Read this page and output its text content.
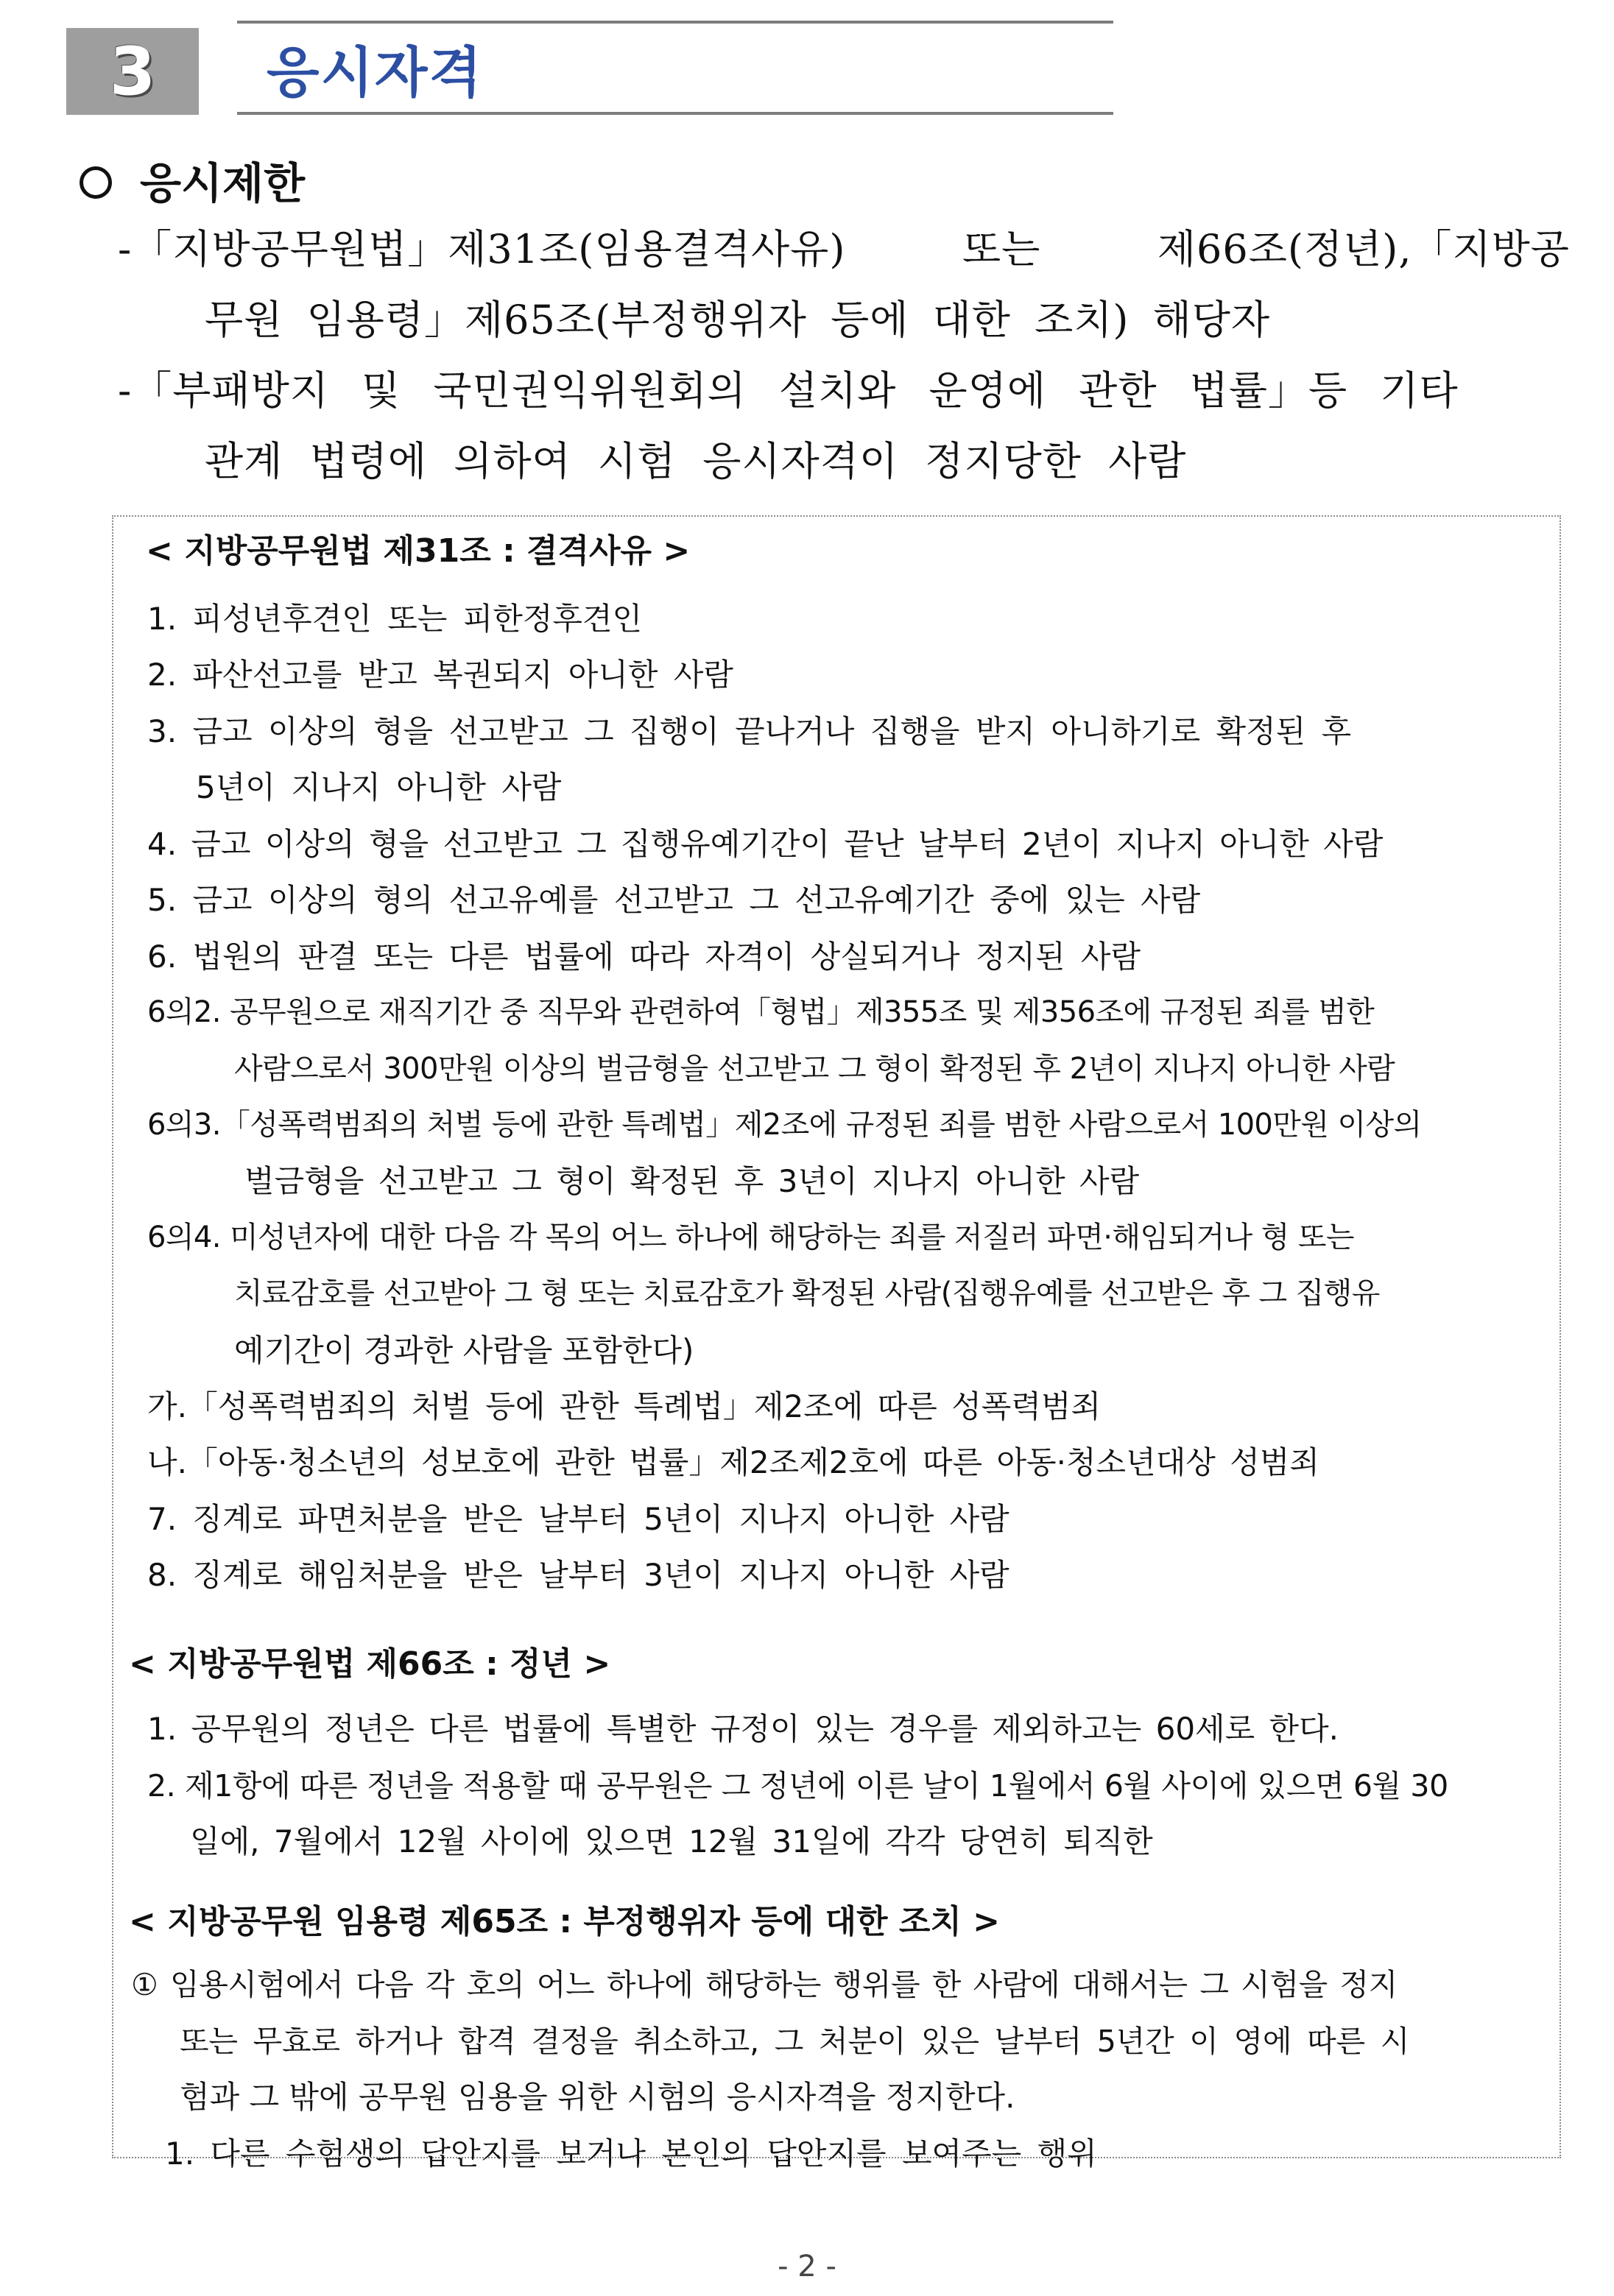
3 응시자격
응시제한
-「지방공무원법」제31조(임용결격사유)	또는	제66조(정년),「지방공
무원 임용령」제65조(부정행위자 등에 대한 조치) 해당자
-「부패방지 및 국민권익위원회의 설치와 운영에 관한 법률」등 기타
관계 법령에 의하여 시험 응시자격이 정지당한 사람
< 지방공무원법 제31조 : 결격사유 >
1. 피성년후견인 또는 피한정후견인
2. 파산선고를 받고 복권되지 아니한 사람
3. 금고 이상의 형을 선고받고 그 집행이 끝나거나 집행을 받지 아니하기로 확정된 후
5년이 지나지 아니한 사람
4. 금고 이상의 형을 선고받고 그 집행유예기간이 끝난 날부터 2년이 지나지 아니한 사람
5. 금고 이상의 형의 선고유예를 선고받고 그 선고유예기간 중에 있는 사람
6. 법원의 판결 또는 다른 법률에 따라 자격이 상실되거나 정지된 사람
6의2. 공무원으로 재직기간 중 직무와 관련하여「형법」제355조 및 제356조에 규정된 죄를 범한
사람으로서 300만원 이상의 벌금형을 선고받고 그 형이 확정된 후 2년이 지나지 아니한 사람
6의3.「성폭력범죄의 처벌 등에 관한 특례법」제2조에 규정된 죄를 범한 사람으로서 100만원 이상의
벌금형을 선고받고 그 형이 확정된 후 3년이 지나지 아니한 사람
6의4. 미성년자에 대한 다음 각 목의 어느 하나에 해당하는 죄를 저질러 파면·해임되거나 형 또는
치료감호를 선고받아 그 형 또는 치료감호가 확정된 사람(집행유예를 선고받은 후 그 집행유
예기간이 경과한 사람을 포함한다)
가.「성폭력범죄의 처벌 등에 관한 특례법」제2조에 따른 성폭력범죄
나.「아동·청소년의 성보호에 관한 법률」제2조제2호에 따른 아동·청소년대상 성범죄
7. 징계로 파면처분을 받은 날부터 5년이 지나지 아니한 사람
8. 징계로 해임처분을 받은 날부터 3년이 지나지 아니한 사람
< 지방공무원법 제66조 : 정년 >
1. 공무원의 정년은 다른 법률에 특별한 규정이 있는 경우를 제외하고는 60세로 한다.
2. 제1항에 따른 정년을 적용할 때 공무원은 그 정년에 이른 날이 1월에서 6월 사이에 있으면 6월 30
일에, 7월에서 12월 사이에 있으면 12월 31일에 각각 당연히 퇴직한
< 지방공무원 임용령 제65조 : 부정행위자 등에 대한 조치 >
① 임용시험에서 다음 각 호의 어느 하나에 해당하는 행위를 한 사람에 대해서는 그 시험을 정지
또는 무효로 하거나 합격 결정을 취소하고, 그 처분이 있은 날부터 5년간 이 영에 따른 시
험과 그 밖에 공무원 임용을 위한 시험의 응시자격을 정지한다.
1. 다른 수험생의 답안지를 보거나 본인의 답안지를 보여주는 행위
- 2 -
